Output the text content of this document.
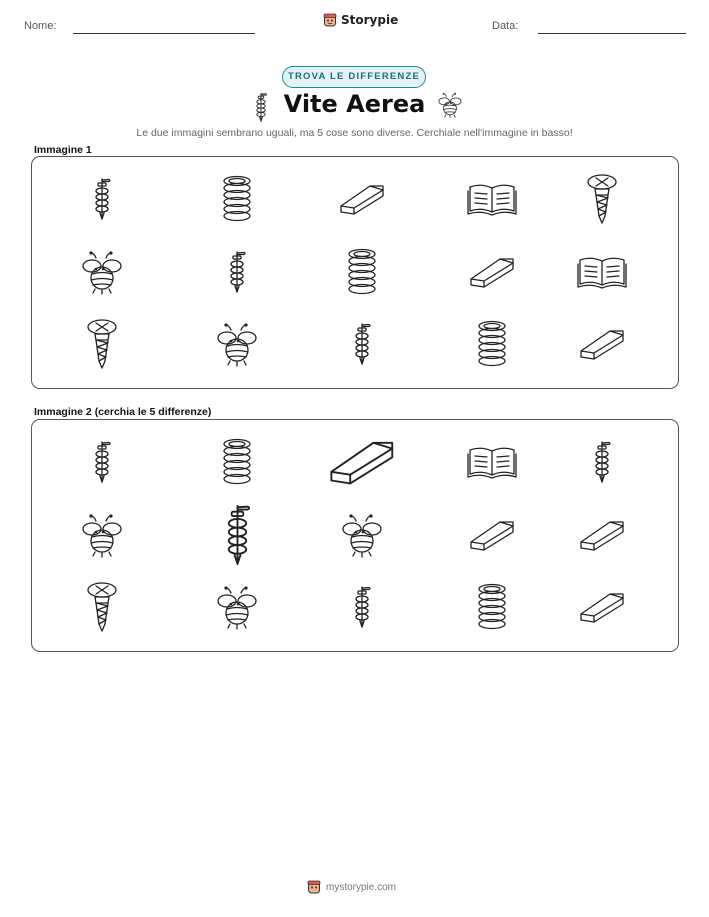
Nome:	Storypie	Data:
TROVA LE DIFFERENZE
Vite Aerea
Le due immagini sembrano uguali, ma 5 cose sono diverse. Cerchiale nell'immagine in basso!
Immagine 1
Immagine 2 (cerchia le 5 differenze)
mystorypie.com
